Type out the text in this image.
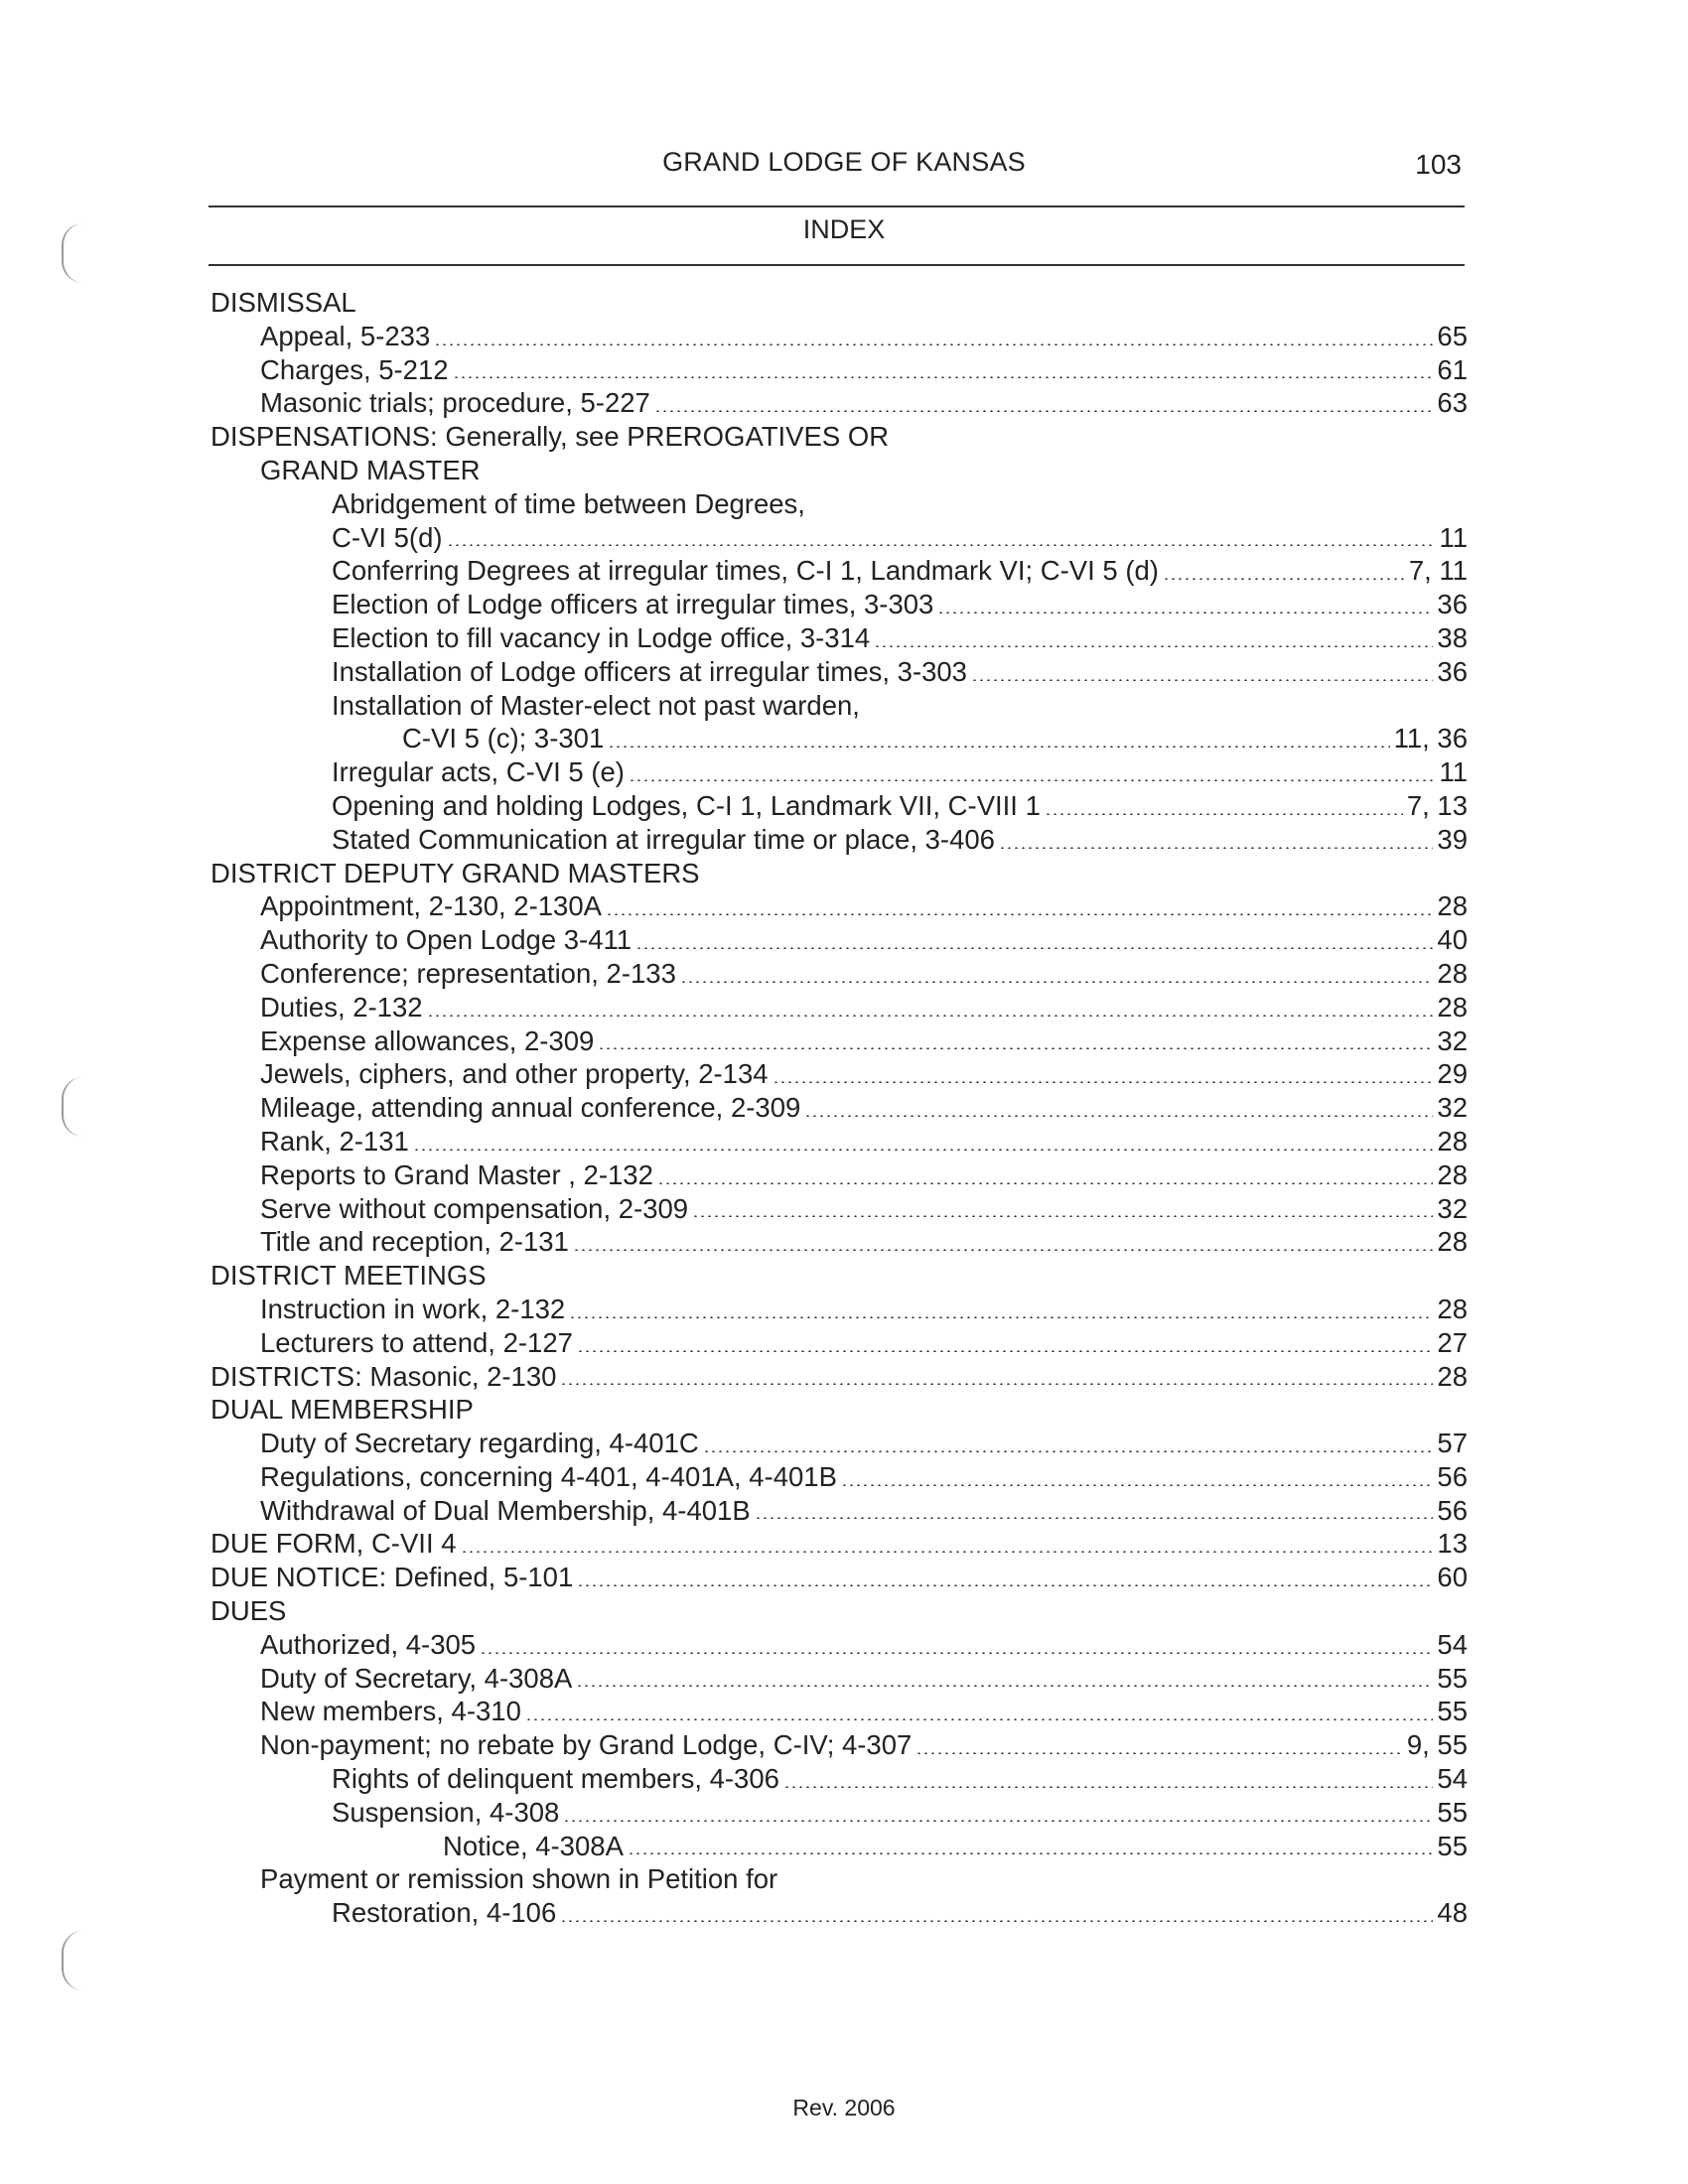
GRAND LODGE OF KANSAS	103
INDEX
DISMISSAL
Appeal, 5-233	65
Charges, 5-212	61
Masonic trials; procedure, 5-227	63
DISPENSATIONS: Generally, see PREROGATIVES OR
GRAND MASTER
Abridgement of time between Degrees,
C-VI 5(d)	11
Conferring Degrees at irregular times, C-I 1, Landmark VI; C-VI 5 (d)	7, 11
Election of Lodge officers at irregular times, 3-303	36
Election to fill vacancy in Lodge office, 3-314	38
Installation of Lodge officers at irregular times, 3-303	36
Installation of Master-elect not past warden,
C-VI 5 (c); 3-301	11, 36
Irregular acts, C-VI 5 (e)	11
Opening and holding Lodges, C-I 1, Landmark VII, C-VIII 1	7, 13
Stated Communication at irregular time or place, 3-406	39
DISTRICT DEPUTY GRAND MASTERS
Appointment, 2-130, 2-130A	28
Authority to Open Lodge 3-411	40
Conference; representation, 2-133	28
Duties, 2-132	28
Expense allowances, 2-309	32
Jewels, ciphers, and other property, 2-134	29
Mileage, attending annual conference, 2-309	32
Rank, 2-131	28
Reports to Grand Master , 2-132	28
Serve without compensation, 2-309	32
Title and reception, 2-131	28
DISTRICT MEETINGS
Instruction in work, 2-132	28
Lecturers to attend, 2-127	27
DISTRICTS: Masonic, 2-130	28
DUAL MEMBERSHIP
Duty of Secretary regarding, 4-401C	57
Regulations, concerning 4-401, 4-401A, 4-401B	56
Withdrawal of Dual Membership, 4-401B	56
DUE FORM, C-VII 4	13
DUE NOTICE: Defined, 5-101	60
DUES
Authorized, 4-305	54
Duty of Secretary, 4-308A	55
New members, 4-310	55
Non-payment; no rebate by Grand Lodge, C-IV; 4-307	9, 55
Rights of delinquent members, 4-306	54
Suspension, 4-308	55
Notice, 4-308A	55
Payment or remission shown in Petition for
Restoration, 4-106	48
Rev. 2006
